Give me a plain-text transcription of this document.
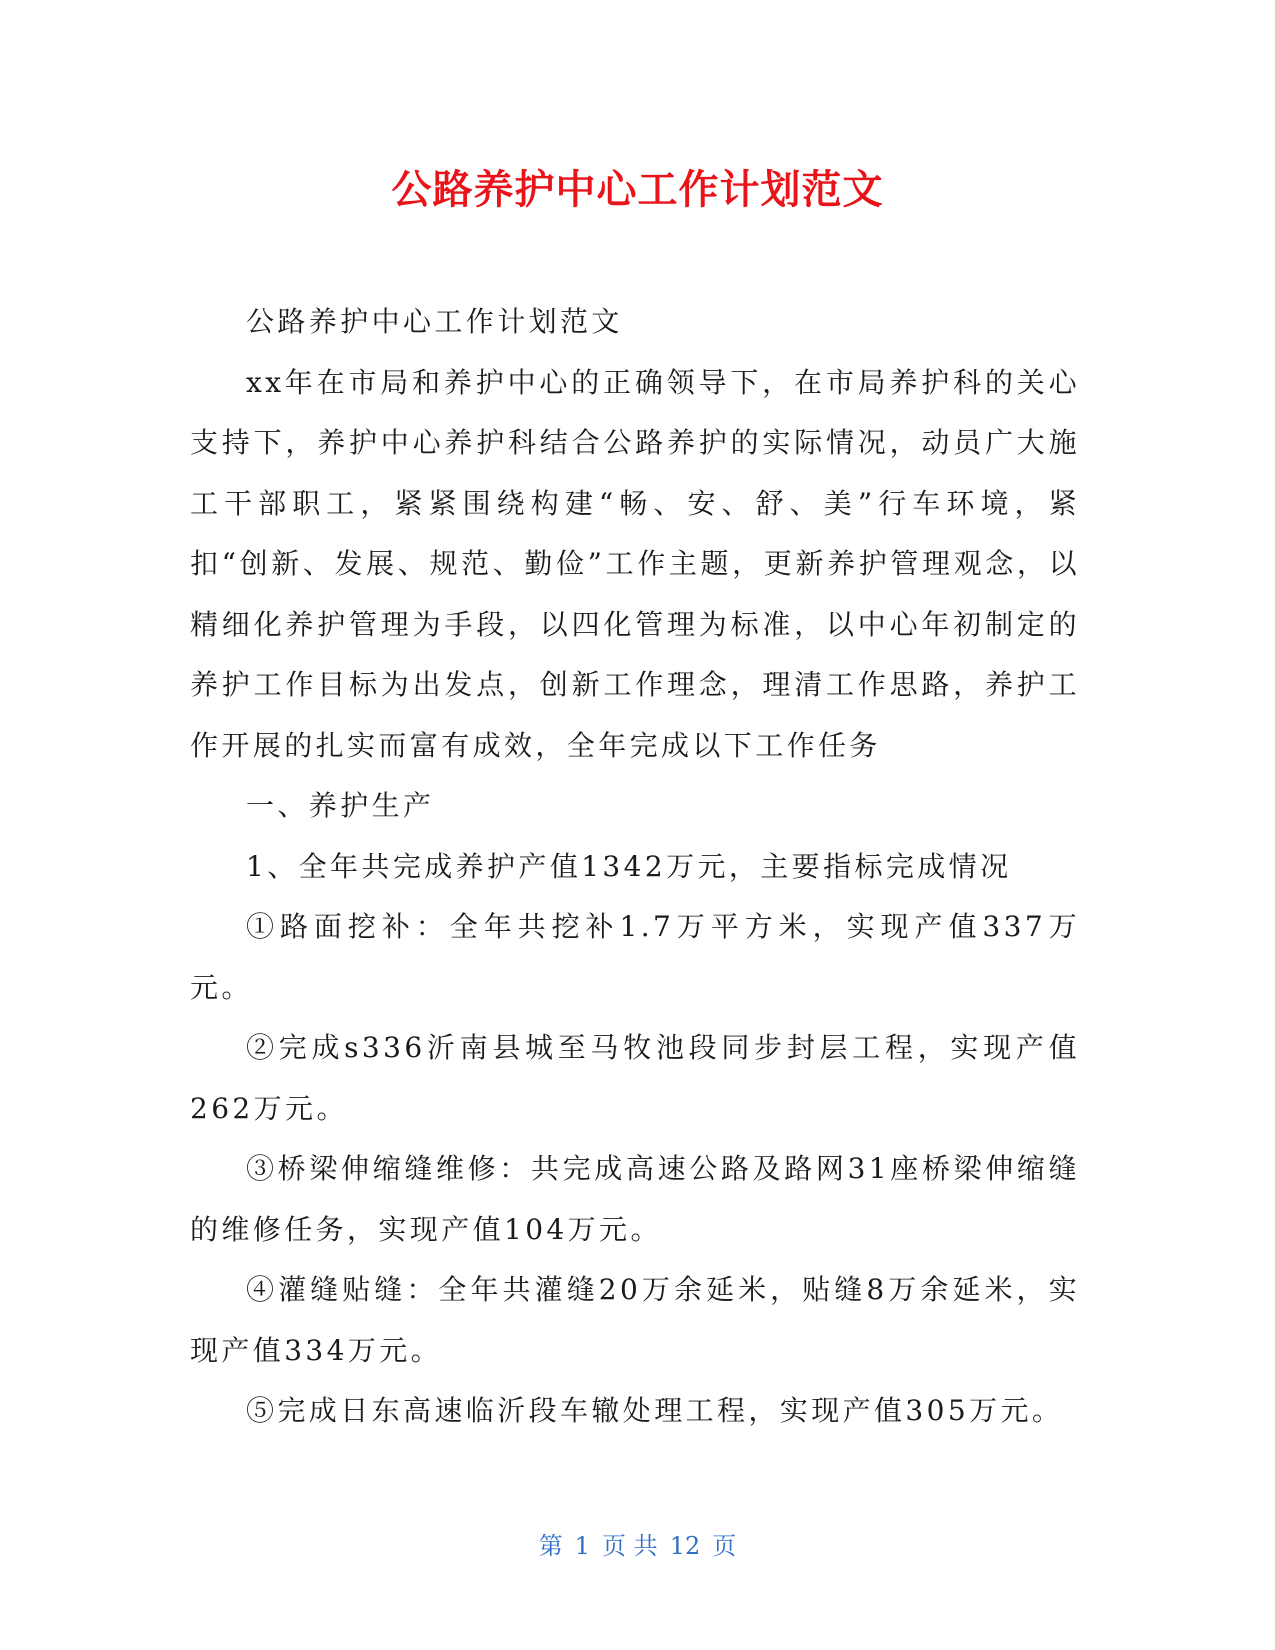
公路养护中心工作计划范文

公路养护中心工作计划范文

xx年在市局和养护中心的正确领导下，在市局养护科的关心支持下，养护中心养护科结合公路养护的实际情况，动员广大施工干部职工，紧紧围绕构建“畅、安、舒、美”行车环境，紧扣“创新、发展、规范、勤俭”工作主题，更新养护管理观念，以精细化养护管理为手段，以四化管理为标准，以中心年初制定的养护工作目标为出发点，创新工作理念，理清工作思路，养护工作开展的扎实而富有成效，全年完成以下工作任务

一、养护生产

1、全年共完成养护产值1342万元，主要指标完成情况

①路面挖补：全年共挖补1.7万平方米，实现产值337万元。

②完成s336沂南县城至马牧池段同步封层工程，实现产值262万元。

③桥梁伸缩缝维修：共完成高速公路及路网31座桥梁伸缩缝的维修任务，实现产值104万元。

④灌缝贴缝：全年共灌缝20万余延米，贴缝8万余延米，实现产值334万元。

⑤完成日东高速临沂段车辙处理工程，实现产值305万元。

第 1 页 共 12 页
